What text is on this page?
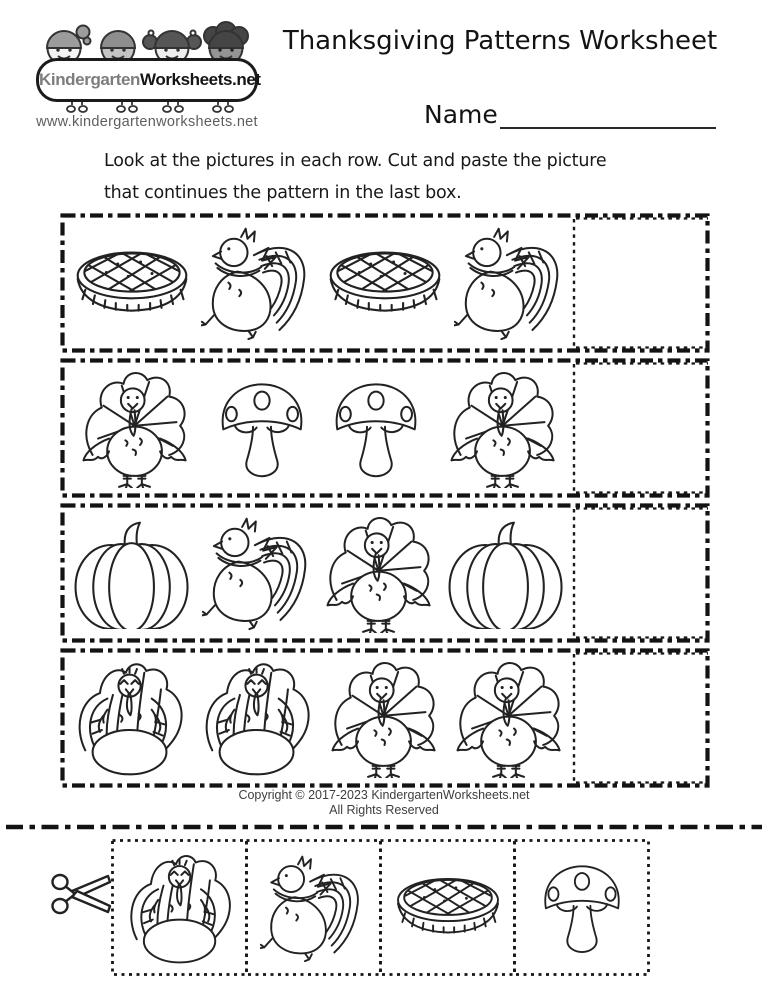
KindergartenWorksheets.net
www.kindergartenworksheets.net
Thanksgiving Patterns Worksheet
Name
Look at the pictures in each row. Cut and paste the picture
that continues the pattern in the last box.
Copyright © 2017-2023 KindergartenWorksheets.net
All Rights Reserved
